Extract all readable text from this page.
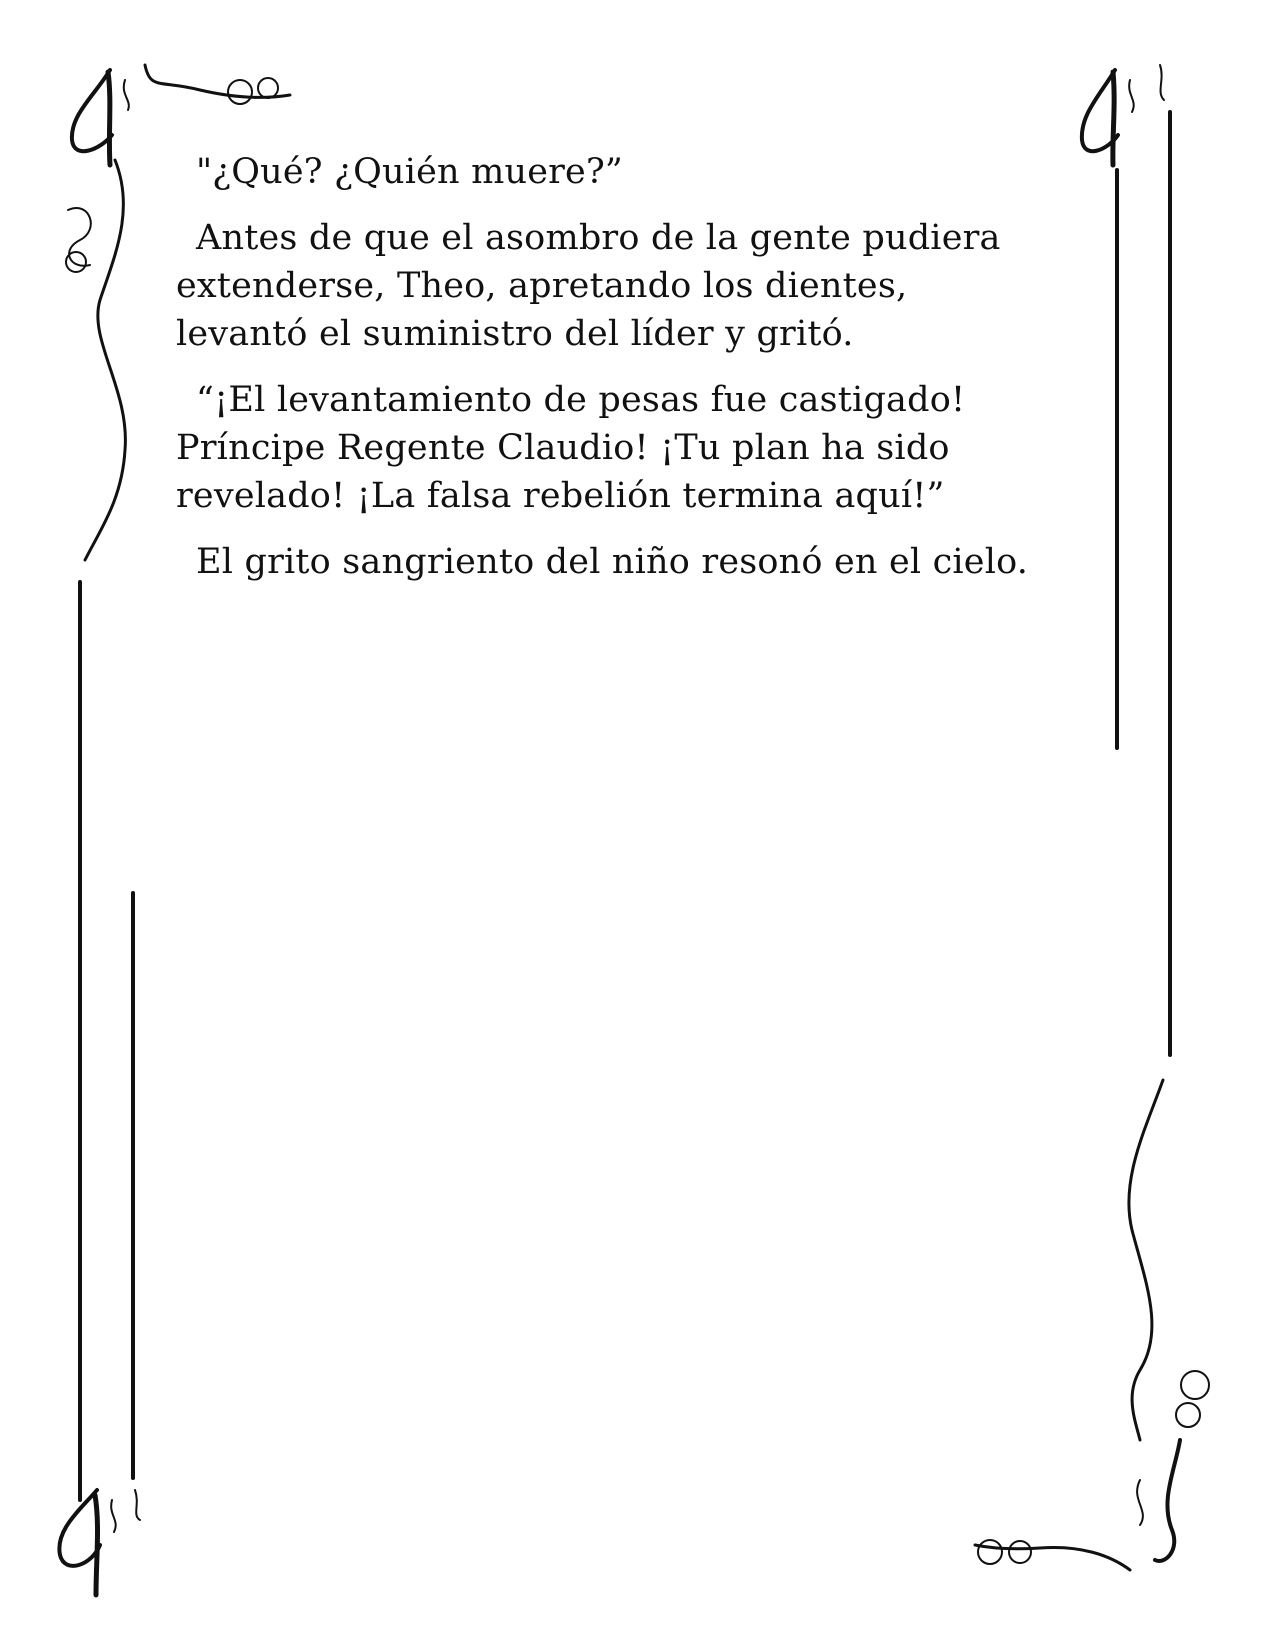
"¿Qué? ¿Quién muere?”

Antes de que el asombro de la gente pudiera
extenderse, Theo, apretando los dientes,
levantó el suministro del líder y gritó.

“¡El levantamiento de pesas fue castigado!
Príncipe Regente Claudio! ¡Tu plan ha sido
revelado! ¡La falsa rebelión termina aquí!”

El grito sangriento del niño resonó en el cielo.
